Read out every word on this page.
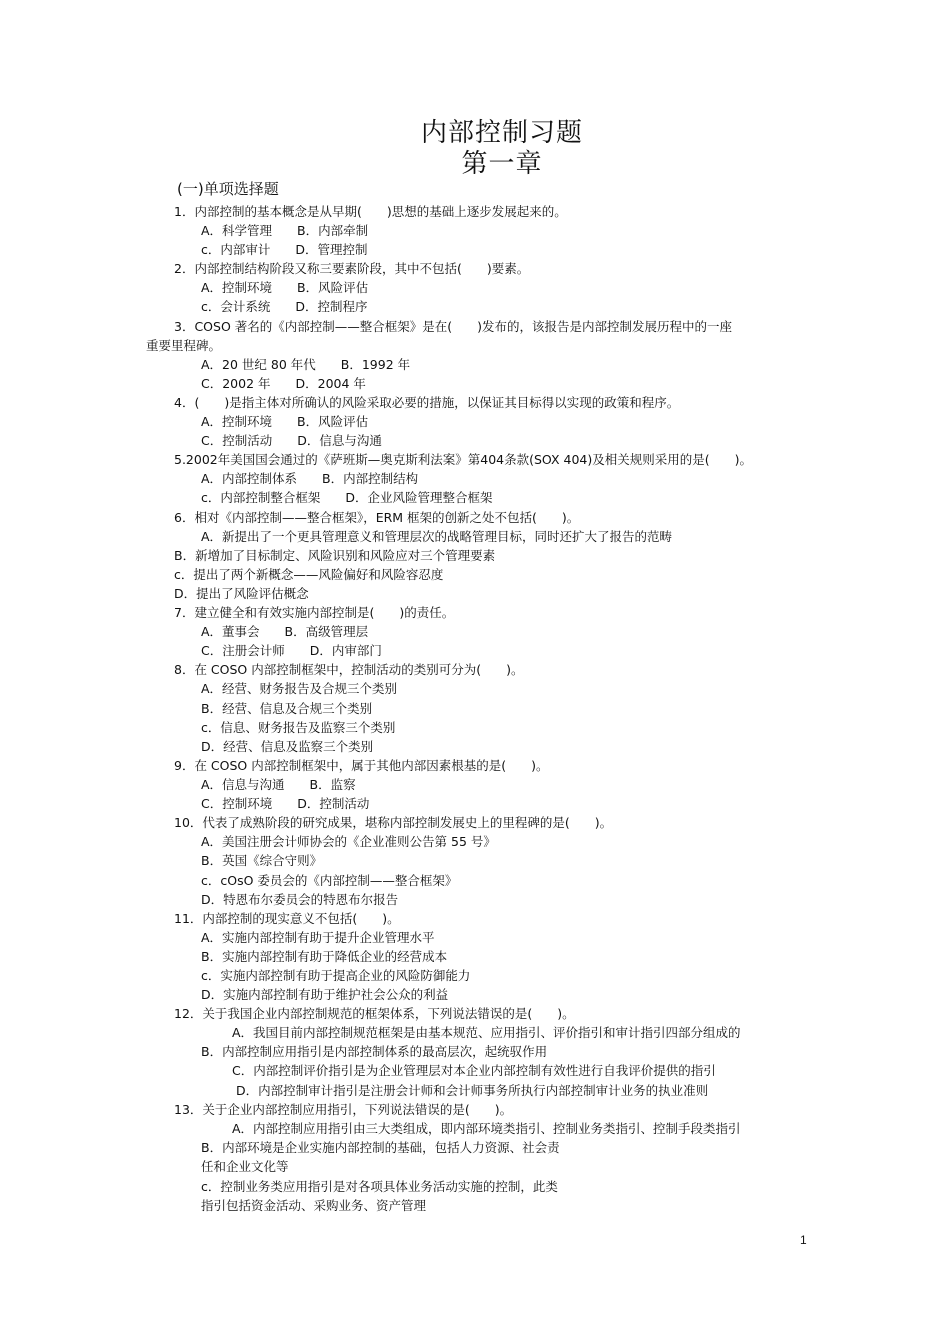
内部控制习题
第一章
(一)单项选择题
1．内部控制的基本概念是从早期(　　)思想的基础上逐步发展起来的。
A．科学管理　　B．内部牵制
c．内部审计　　D．管理控制
2．内部控制结构阶段又称三要素阶段，其中不包括(　　)要素。
A．控制环境　　B．风险评估
c．会计系统　　D．控制程序
3．COSO 著名的《内部控制——整合框架》是在(　　)发布的，该报告是内部控制发展历程中的一座
重要里程碑。
A．20 世纪 80 年代　　B．1992 年
C．2002 年　　D．2004 年
4．(　　)是指主体对所确认的风险采取必要的措施，以保证其目标得以实现的政策和程序。
A．控制环境　　B．风险评估
C．控制活动　　D．信息与沟通
5.2002年美国国会通过的《萨班斯—奥克斯利法案》第404条款(SOX 404)及相关规则采用的是(　　)。
A．内部控制体系　　B．内部控制结构
c．内部控制整合框架　　D．企业风险管理整合框架
6．相对《内部控制——整合框架》，ERM 框架的创新之处不包括(　　)。
A．新提出了一个更具管理意义和管理层次的战略管理目标，同时还扩大了报告的范畴
B．新增加了目标制定、风险识别和风险应对三个管理要素
c．提出了两个新概念——风险偏好和风险容忍度
D．提出了风险评估概念
7．建立健全和有效实施内部控制是(　　)的责任。
A．董事会　　B．高级管理层
C．注册会计师　　D．内审部门
8．在 COSO 内部控制框架中，控制活动的类别可分为(　　)。
A．经营、财务报告及合规三个类别
B．经营、信息及合规三个类别
c．信息、财务报告及监察三个类别
D．经营、信息及监察三个类别
9．在 COSO 内部控制框架中，属于其他内部因素根基的是(　　)。
A．信息与沟通　　B．监察
C．控制环境　　D．控制活动
10．代表了成熟阶段的研究成果，堪称内部控制发展史上的里程碑的是(　　)。
A．美国注册会计师协会的《企业准则公告第 55 号》
B．英国《综合守则》
c．cOsO 委员会的《内部控制——整合框架》
D．特恩布尔委员会的特恩布尔报告
11．内部控制的现实意义不包括(　　)。
A．实施内部控制有助于提升企业管理水平
B．实施内部控制有助于降低企业的经营成本
c．实施内部控制有助于提高企业的风险防御能力
D．实施内部控制有助于维护社会公众的利益
12．关于我国企业内部控制规范的框架体系，下列说法错误的是(　　)。
A．我国目前内部控制规范框架是由基本规范、应用指引、评价指引和审计指引四部分组成的
B．内部控制应用指引是内部控制体系的最高层次，起统驭作用
C．内部控制评价指引是为企业管理层对本企业内部控制有效性进行自我评价提供的指引
D．内部控制审计指引是注册会计师和会计师事务所执行内部控制审计业务的执业准则
13．关于企业内部控制应用指引，下列说法错误的是(　　)。
A．内部控制应用指引由三大类组成，即内部环境类指引、控制业务类指引、控制手段类指引
B．内部环境是企业实施内部控制的基础，包括人力资源、社会责
任和企业文化等
c．控制业务类应用指引是对各项具体业务活动实施的控制，此类
指引包括资金活动、采购业务、资产管理
1
